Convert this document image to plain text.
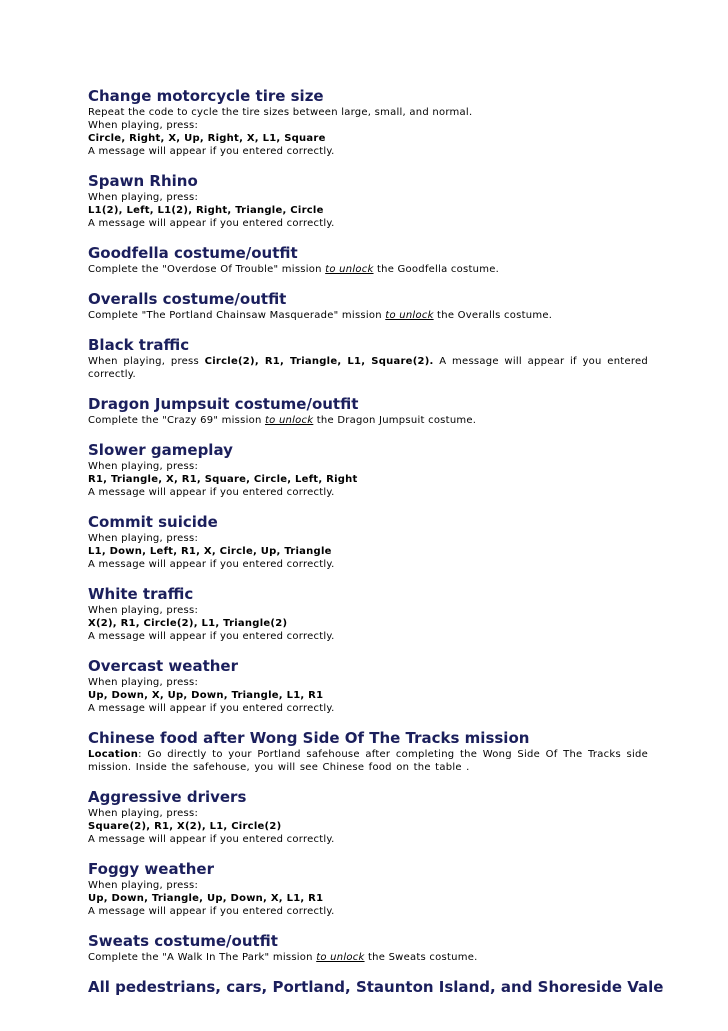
Change motorcycle tire size

Repeat the code to cycle the tire sizes between large, small, and normal.

When playing, press:

Circle, Right, X, Up, Right, X, L1, Square

A message will appear if you entered correctly.

Spawn Rhino

When playing, press:

L1(2), Left, L1(2), Right, Triangle, Circle

A message will appear if you entered correctly.

Goodfella costume/outfit

Complete the "Overdose Of Trouble" mission to unlock the Goodfella costume.

Overalls costume/outfit

Complete "The Portland Chainsaw Masquerade" mission to unlock the Overalls costume.

Black traffic

When playing, press Circle(2), R1, Triangle, L1, Square(2). A message will appear if you entered correctly.

Dragon Jumpsuit costume/outfit

Complete the "Crazy 69" mission to unlock the Dragon Jumpsuit costume.

Slower gameplay

When playing, press:

R1, Triangle, X, R1, Square, Circle, Left, Right

A message will appear if you entered correctly.

Commit suicide

When playing, press:

L1, Down, Left, R1, X, Circle, Up, Triangle

A message will appear if you entered correctly.

White traffic

When playing, press:

X(2), R1, Circle(2), L1, Triangle(2)

A message will appear if you entered correctly.

Overcast weather

When playing, press:

Up, Down, X, Up, Down, Triangle, L1, R1

A message will appear if you entered correctly.

Chinese food after Wong Side Of The Tracks mission

Location: Go directly to your Portland safehouse after completing the Wong Side Of The Tracks side mission. Inside the safehouse, you will see Chinese food on the table .

Aggressive drivers

When playing, press:

Square(2), R1, X(2), L1, Circle(2)

A message will appear if you entered correctly.

Foggy weather

When playing, press:

Up, Down, Triangle, Up, Down, X, L1, R1

A message will appear if you entered correctly.

Sweats costume/outfit

Complete the "A Walk In The Park" mission to unlock the Sweats costume.

All pedestrians, cars, Portland, Staunton Island, and Shoreside Vale
